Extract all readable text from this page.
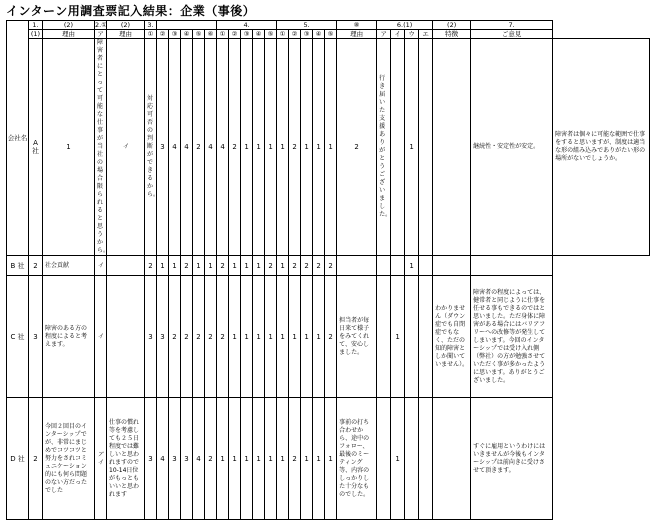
インターン用調査票記入結果：企業（事後）
会社名	1.	(2)	2.①	(2)	3.						4.					5.					⑧	6.(1)				(2)	7.	
	(1)	理由	ア	理由	①	②	③	④	⑤	⑥	①	②	③	④	⑤	①	②	③	④	⑤	理由	ア	イ	ウ	エ	特徴	ご意見	
	A 社	1	障害者にとって可能な仕事が当社の場合限られると思うから。	イ	対応可否の判断ができるから。	3	4	4	2	4	4	2	1	1	1	1	2	1	1	1	2	行き届いた支援ありがとうございました。		1			継続性・安定性が安定。	障害者は個々に可能な範囲で仕事をすると思いますが、制度は適当な形の組み込みでありがたい形の場所がないでしょうか。
B 社	2	社会貢献	イ		2	1	1	2	1	1	2	1	1	1	2	1	2	2	2	2				1				
C 社	3	障害のある方の程度によると考えます。	イ		3	3	2	2	2	2	2	1	1	1	1	1	1	1	1	2	担当者が毎日来て様子をみてくれて、安心しました。		1			わかりません（ダウン症でも自閉症でもなく、ただの知的障害としか聞いていません）。	障害者の程度によっては、健常者と同じように仕事を任せる事もできるのではと思いました。ただ身体に障害がある場合にはバリアフリーへの改修等が発生してしまいます。今回のインターシップでは受け入れ側（弊社）の方が勉強させていただく事が多かったように思います。ありがとうございました。	
D 社	2	今回２回目のインターシップでが、非常にまじめでコツコツと努力をされコミュニケーション的にも何ら問題のない方だったでした	アイ	仕事の慣れ等を考慮しても２５日程度では難しいと思われますので10-14日位がもっともいいと思われます	3	4	3	3	4	2	1	1	1	1	1	1	2	1	1	1	事前の打ち合わせから、途中のフォロー、最後のミーティング等、内容のしっかりした十分なものでした。		1				すぐに雇用というわけにはいきませんが今後もインターシップは前向きに受けさせて頂きます。	
